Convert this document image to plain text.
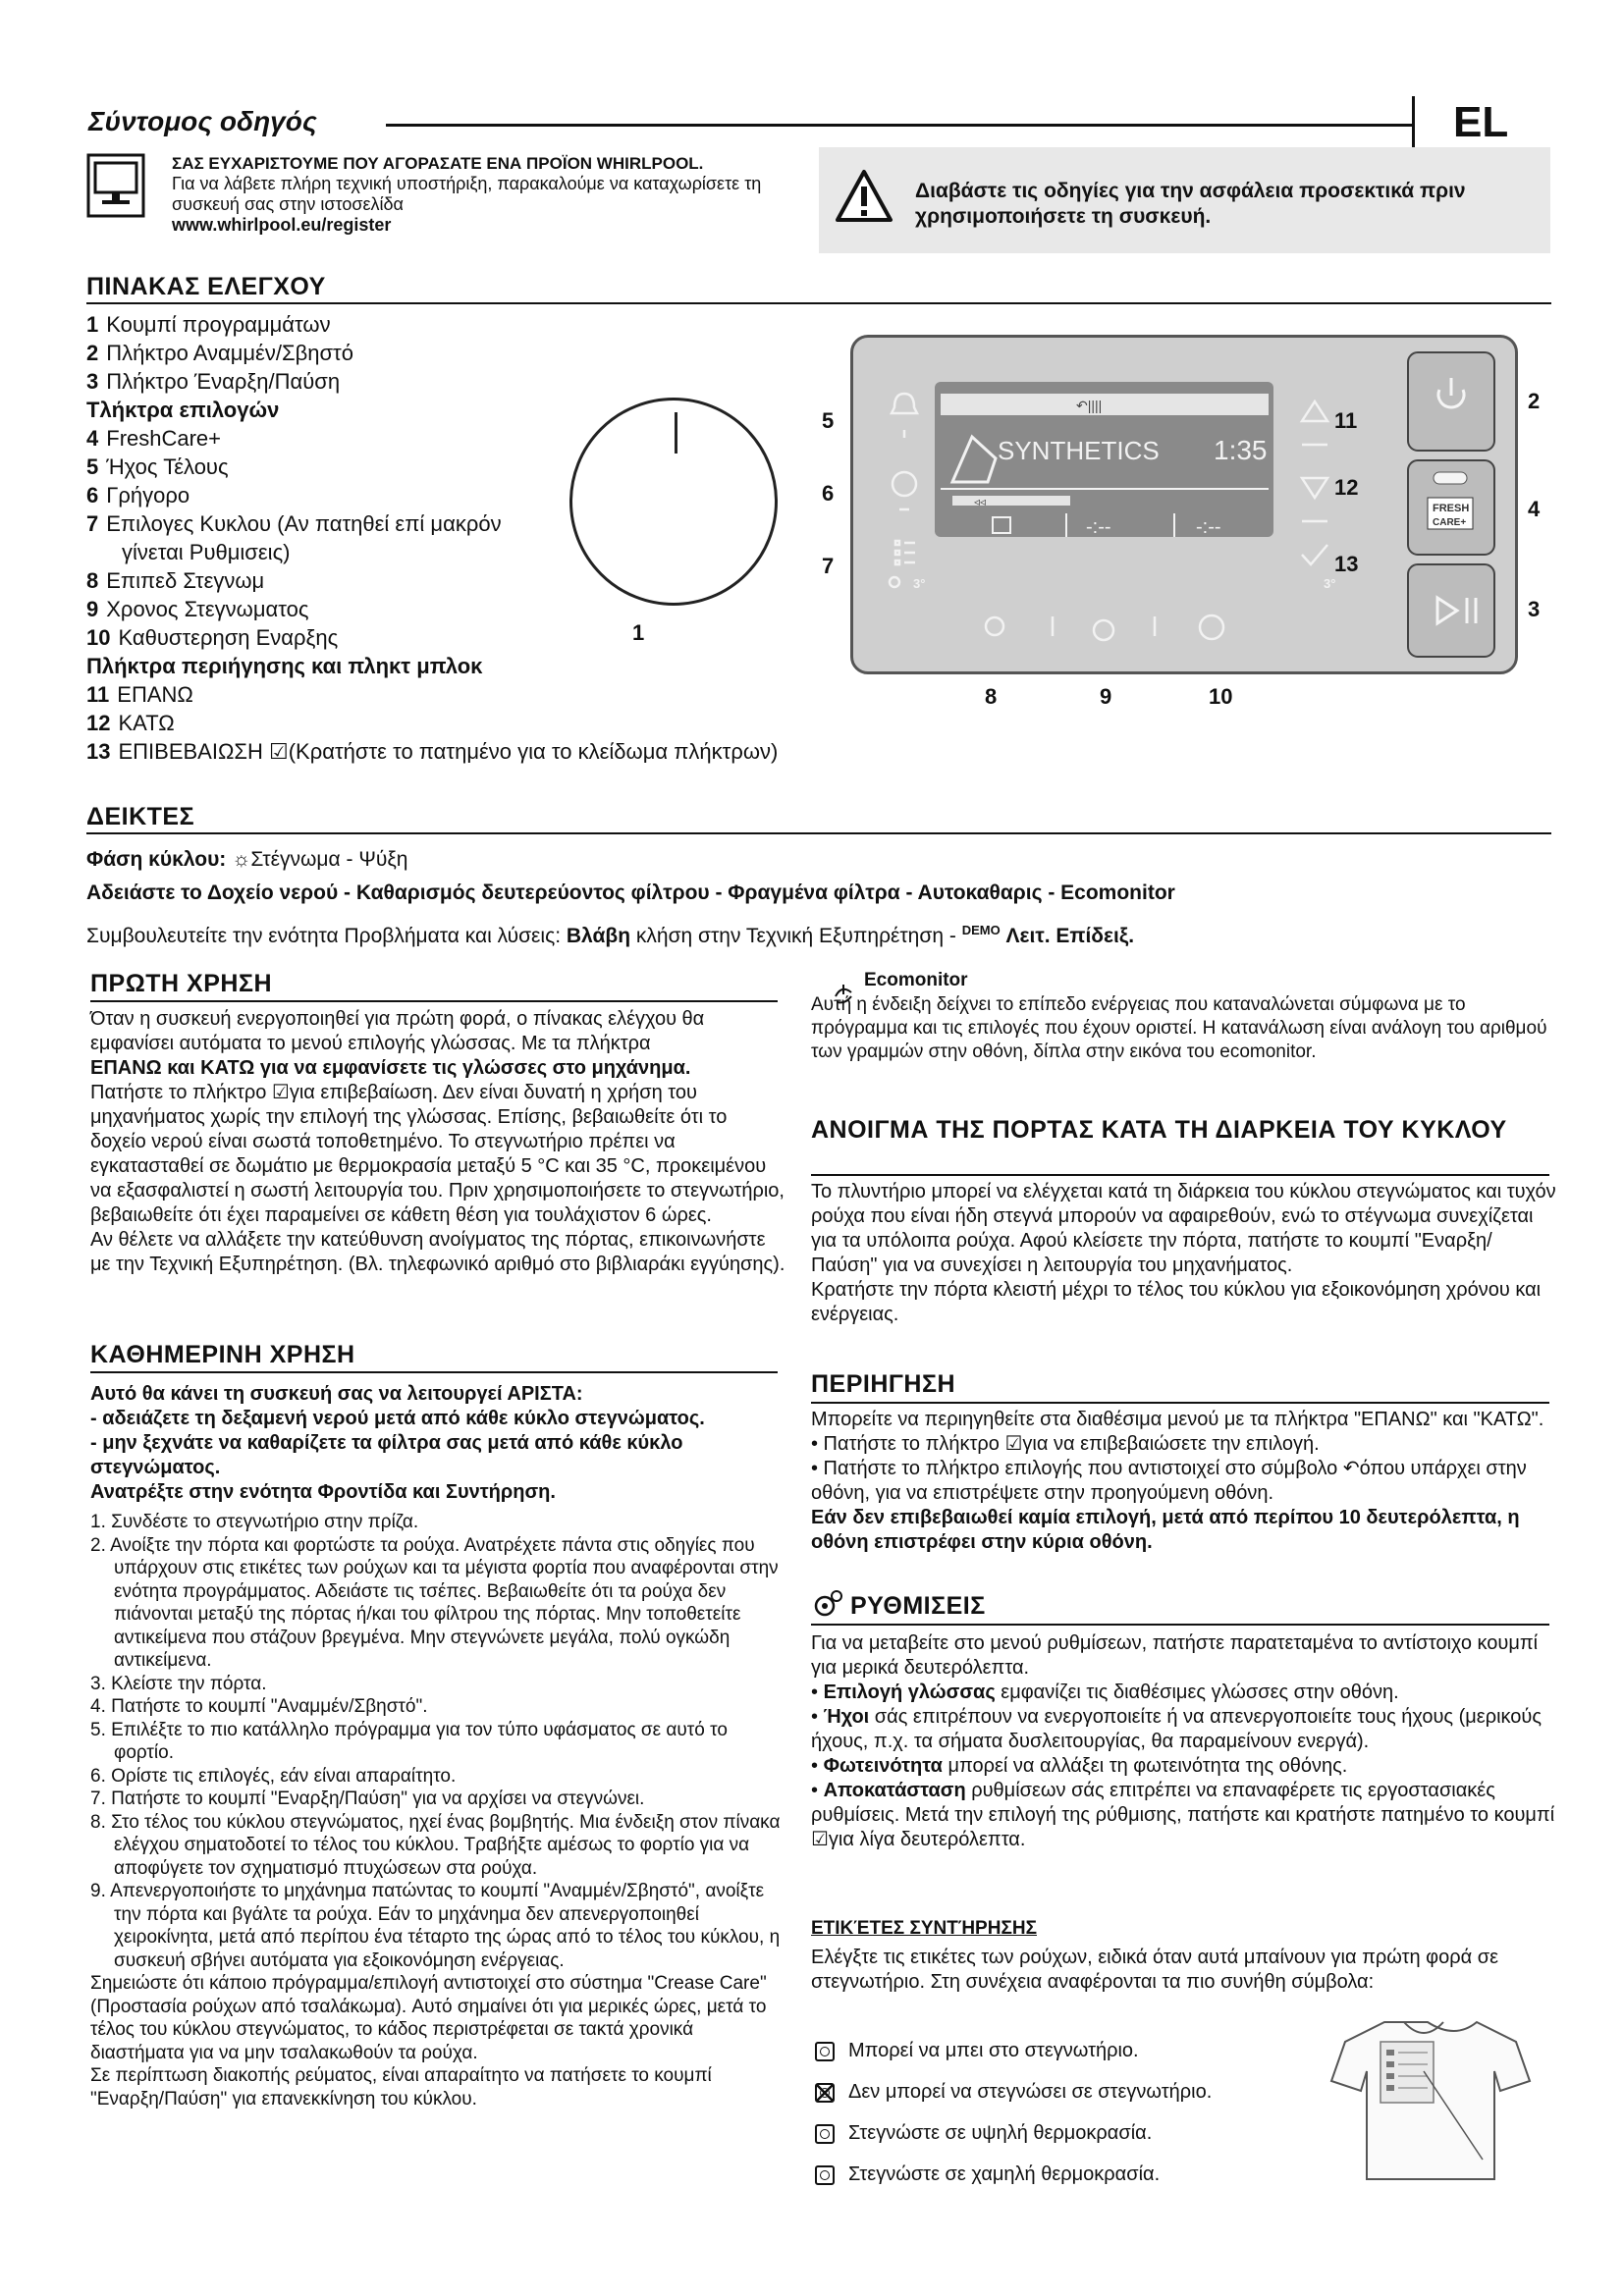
Σύντομος οδηγός	EL
ΣΑΣ ΕΥΧΑΡΙΣΤΟΥΜΕ ΠΟΥ ΑΓΟΡΑΣΑΤΕ ΕΝΑ ΠΡΟΪΟΝ WHIRLPOOL.
Για να λάβετε πλήρη τεχνική υποστήριξη, παρακαλούμε να καταχωρίσετε τη συσκευή σας στην ιστοσελίδα
www.whirlpool.eu/register
Διαβάστε τις οδηγίες για την ασφάλεια προσεκτικά πριν χρησιμοποιήσετε τη συσκευή.
ΠΙΝΑΚΑΣ ΕΛΕΓΧΟΥ
1 Κουμπί προγραμμάτων
2 Πλήκτρο Αναμμέν/Σβηστό
3 Πλήκτρο Έναρξη/Παύση
Τλήκτρα επιλογών
4 FreshCare+
5 Ήχος Τέλους
6 Γρήγορο
7 Επιλογες Κυκλου (Αν πατηθεί επί μακρόν
γίνεται Ρυθμισεις)
8 Επιπεδ Στεγνωμ
9 Χρονος Στεγνωματος
10 Καθυστερηση Εναρξης
Πλήκτρα περιήγησης και πληκτ μπλοκ
11 ΕΠΑΝΩ
12 ΚΑΤΩ
13 ΕΠΙΒΕΒΑΙΩΣΗ ☑(Κρατήστε το πατημένο για το κλείδωμα πλήκτρων)
1
3°	3°
↶||||
SYNTHETICS 1:35
◃◃
-:--	-:--
FRESH
CARE+
5
6
7
11
12
13
2
4
3
8	9	10
ΔΕΙΚΤΕΣ
Φάση κύκλου: ☼Στέγνωμα - Ψύξη
Αδειάστε το Δοχείο νερού - Καθαρισμός δευτερεύοντος φίλτρου - Φραγμένα φίλτρα - Αυτοκαθαρις - Ecomonitor
Συμβουλευτείτε την ενότητα Προβλήματα και λύσεις: Βλάβη κλήση στην Τεχνική Εξυπηρέτηση - $^{DEMO}$ Λειτ. Επίδειξ.
ΠΡΩΤΗ ΧΡΗΣΗ

Όταν η συσκευή ενεργοποιηθεί για πρώτη φορά, ο πίνακας ελέγχου θα εμφανίσει αυτόματα το μενού επιλογής γλώσσας. Με τα πλήκτρα

ΕΠΑΝΩ και ΚΑΤΩ για να εμφανίσετε τις γλώσσες στο μηχάνημα.

Πατήστε το πλήκτρο ☑για επιβεβαίωση. Δεν είναι δυνατή η χρήση του μηχανήματος χωρίς την επιλογή της γλώσσας. Επίσης, βεβαιωθείτε ότι το δοχείο νερού είναι σωστά τοποθετημένο. Το στεγνωτήριο πρέπει να εγκατασταθεί σε δωμάτιο με θερμοκρασία μεταξύ 5 °C και 35 °C, προκειμένου να εξασφαλιστεί η σωστή λειτουργία του. Πριν χρησιμοποιήσετε το στεγνωτήριο, βεβαιωθείτε ότι έχει παραμείνει σε κάθετη θέση για τουλάχιστον 6 ώρες.

Αν θέλετε να αλλάξετε την κατεύθυνση ανοίγματος της πόρτας, επικοινωνήστε με την Τεχνική Εξυπηρέτηση. (Βλ. τηλεφωνικό αριθμό στο βιβλιαράκι εγγύησης).

ΚΑΘΗΜΕΡΙΝΗ ΧΡΗΣΗ

Αυτό θα κάνει τη συσκευή σας να λειτουργεί ΑΡΙΣΤΑ:

- αδειάζετε τη δεξαμενή νερού μετά από κάθε κύκλο στεγνώματος.

- μην ξεχνάτε να καθαρίζετε τα φίλτρα σας μετά από κάθε κύκλο στεγνώματος.

Ανατρέξτε στην ενότητα Φροντίδα και Συντήρηση.

1. Συνδέστε το στεγνωτήριο στην πρίζα.

2. Ανοίξτε την πόρτα και φορτώστε τα ρούχα. Ανατρέχετε πάντα στις οδηγίες που υπάρχουν στις ετικέτες των ρούχων και τα μέγιστα φορτία που αναφέρονται στην ενότητα προγράμματος. Αδειάστε τις τσέπες. Βεβαιωθείτε ότι τα ρούχα δεν πιάνονται μεταξύ της πόρτας ή/και του φίλτρου της πόρτας. Μην τοποθετείτε αντικείμενα που στάζουν βρεγμένα. Μην στεγνώνετε μεγάλα, πολύ ογκώδη αντικείμενα.

3. Κλείστε την πόρτα.

4. Πατήστε το κουμπί "Αναμμέν/Σβηστό".

5. Επιλέξτε το πιο κατάλληλο πρόγραμμα για τον τύπο υφάσματος σε αυτό το φορτίο.

6. Ορίστε τις επιλογές, εάν είναι απαραίτητο.

7. Πατήστε το κουμπί "Εναρξη/Παύση" για να αρχίσει να στεγνώνει.

8. Στο τέλος του κύκλου στεγνώματος, ηχεί ένας βομβητής. Μια ένδειξη στον πίνακα ελέγχου σηματοδοτεί το τέλος του κύκλου. Τραβήξτε αμέσως το φορτίο για να αποφύγετε τον σχηματισμό πτυχώσεων στα ρούχα.

9. Απενεργοποιήστε το μηχάνημα πατώντας το κουμπί "Αναμμέν/Σβηστό", ανοίξτε την πόρτα και βγάλτε τα ρούχα. Εάν το μηχάνημα δεν απενεργοποιηθεί χειροκίνητα, μετά από περίπου ένα τέταρτο της ώρας από το τέλος του κύκλου, η συσκευή σβήνει αυτόματα για εξοικονόμηση ενέργειας.

Σημειώστε ότι κάποιο πρόγραμμα/επιλογή αντιστοιχεί στο σύστημα "Crease Care" (Προστασία ρούχων από τσαλάκωμα). Αυτό σημαίνει ότι για μερικές ώρες, μετά το τέλος του κύκλου στεγνώματος, το κάδος περιστρέφεται σε τακτά χρονικά διαστήματα για να μην τσαλακωθούν τα ρούχα.

Σε περίπτωση διακοπής ρεύματος, είναι απαραίτητο να πατήσετε το κουμπί "Εναρξη/Παύση" για επανεκκίνηση του κύκλου.

Ecomonitor
Αυτή η ένδειξη δείχνει το επίπεδο ενέργειας που καταναλώνεται σύμφωνα με το πρόγραμμα και τις επιλογές που έχουν οριστεί. Η κατανάλωση είναι ανάλογη του αριθμού των γραμμών στην οθόνη, δίπλα στην εικόνα του ecomonitor.
ΑΝΟΙΓΜΑ ΤΗΣ ΠΟΡΤΑΣ ΚΑΤΑ ΤΗ ΔΙΑΡΚΕΙΑ ΤΟΥ ΚΥΚΛΟΥ

Το πλυντήριο μπορεί να ελέγχεται κατά τη διάρκεια του κύκλου στεγνώματος και τυχόν ρούχα που είναι ήδη στεγνά μπορούν να αφαιρεθούν, ενώ το στέγνωμα συνεχίζεται για τα υπόλοιπα ρούχα. Αφού κλείσετε την πόρτα, πατήστε το κουμπί "Εναρξη/Παύση" για να συνεχίσει η λειτουργία του μηχανήματος.

Κρατήστε την πόρτα κλειστή μέχρι το τέλος του κύκλου για εξοικονόμηση χρόνου και ενέργειας.

ΠΕΡΙΗΓΗΣΗ

Μπορείτε να περιηγηθείτε στα διαθέσιμα μενού με τα πλήκτρα "ΕΠΑΝΩ" και "ΚΑΤΩ".

• Πατήστε το πλήκτρο ☑για να επιβεβαιώσετε την επιλογή.

• Πατήστε το πλήκτρο επιλογής που αντιστοιχεί στο σύμβολο ↶όπου υπάρχει στην οθόνη, για να επιστρέψετε στην προηγούμενη οθόνη.

Εάν δεν επιβεβαιωθεί καμία επιλογή, μετά από περίπου 10 δευτερόλεπτα, η οθόνη επιστρέφει στην κύρια οθόνη.

ΡΥΘΜΙΣΕΙΣ

Για να μεταβείτε στο μενού ρυθμίσεων, πατήστε παρατεταμένα το αντίστοιχο κουμπί για μερικά δευτερόλεπτα.

• Επιλογή γλώσσας εμφανίζει τις διαθέσιμες γλώσσες στην οθόνη.

• Ήχοι σάς επιτρέπουν να ενεργοποιείτε ή να απενεργοποιείτε τους ήχους (μερικούς ήχους, π.χ. τα σήματα δυσλειτουργίας, θα παραμείνουν ενεργά).

• Φωτεινότητα μπορεί να αλλάξει τη φωτεινότητα της οθόνης.

• Αποκατάσταση ρυθμίσεων σάς επιτρέπει να επαναφέρετε τις εργοστασιακές ρυθμίσεις. Μετά την επιλογή της ρύθμισης, πατήστε και κρατήστε πατημένο το κουμπί ☑για λίγα δευτερόλεπτα.

ΕΤΙΚΈΤΕΣ ΣΥΝΤΉΡΗΣΗΣ
Ελέγξτε τις ετικέτες των ρούχων, ειδικά όταν αυτά μπαίνουν για πρώτη φορά σε στεγνωτήριο. Στη συνέχεια αναφέρονται τα πιο συνήθη σύμβολα:
Μπορεί να μπει στο στεγνωτήριο.
Δεν μπορεί να στεγνώσει σε στεγνωτήριο.
Στεγνώστε σε υψηλή θερμοκρασία.
Στεγνώστε σε χαμηλή θερμοκρασία.
